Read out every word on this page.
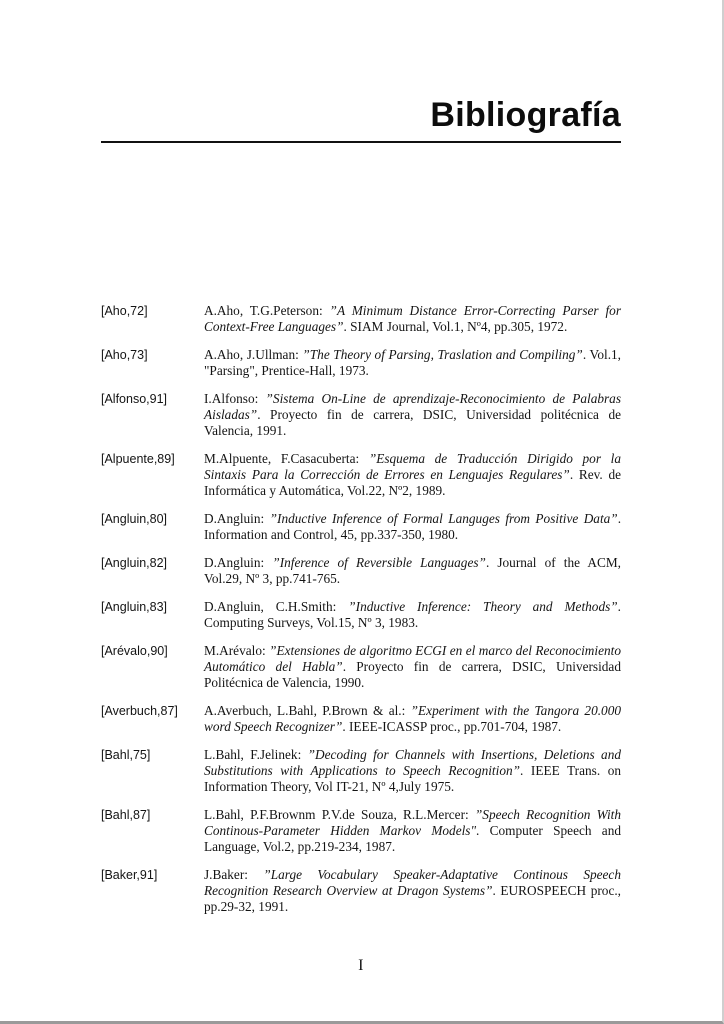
Bibliografía
[Aho,72]	A.Aho, T.G.Peterson: ”A Minimum Distance Error-Correcting Parser for Context-Free Languages”. SIAM Journal, Vol.1, Nº4, pp.305, 1972.

[Aho,73]	A.Aho, J.Ullman: ”The Theory of Parsing, Traslation and Compiling”. Vol.1, "Parsing", Prentice-Hall, 1973.

[Alfonso,91]	I.Alfonso: ”Sistema On-Line de aprendizaje-Reconocimiento de Palabras Aisladas”. Proyecto fin de carrera, DSIC, Universidad politécnica de Valencia, 1991.

[Alpuente,89]	M.Alpuente, F.Casacuberta: ”Esquema de Traducción Dirigido por la Sintaxis Para la Corrección de Errores en Lenguajes Regulares”. Rev. de Informática y Automática, Vol.22, Nº2, 1989.

[Angluin,80]	D.Angluin: ”Inductive Inference of Formal Languges from Positive Data”. Information and Control, 45, pp.337-350, 1980.

[Angluin,82]	D.Angluin: ”Inference of Reversible Languages”. Journal of the ACM, Vol.29, Nº 3, pp.741-765.

[Angluin,83]	D.Angluin, C.H.Smith: ”Inductive Inference: Theory and Methods”. Computing Surveys, Vol.15, Nº 3, 1983.

[Arévalo,90]	M.Arévalo: ”Extensiones de algoritmo ECGI en el marco del Reconocimiento Automático del Habla”. Proyecto fin de carrera, DSIC, Universidad Politécnica de Valencia, 1990.

[Averbuch,87]	A.Averbuch, L.Bahl, P.Brown & al.: ”Experiment with the Tangora 20.000 word Speech Recognizer”. IEEE-ICASSP proc., pp.701-704, 1987.

[Bahl,75]	L.Bahl, F.Jelinek: ”Decoding for Channels with Insertions, Deletions and Substitutions with Applications to Speech Recognition”. IEEE Trans. on Information Theory, Vol IT-21, Nº 4,July 1975.

[Bahl,87]	L.Bahl, P.F.Brownm P.V.de Souza, R.L.Mercer: ”Speech Recognition With Continous-Parameter Hidden Markov Models". Computer Speech and Language, Vol.2, pp.219-234, 1987.

[Baker,91]	J.Baker: ”Large Vocabulary Speaker-Adaptative Continous Speech Recognition Research Overview at Dragon Systems”. EUROSPEECH proc., pp.29-32, 1991.

I
